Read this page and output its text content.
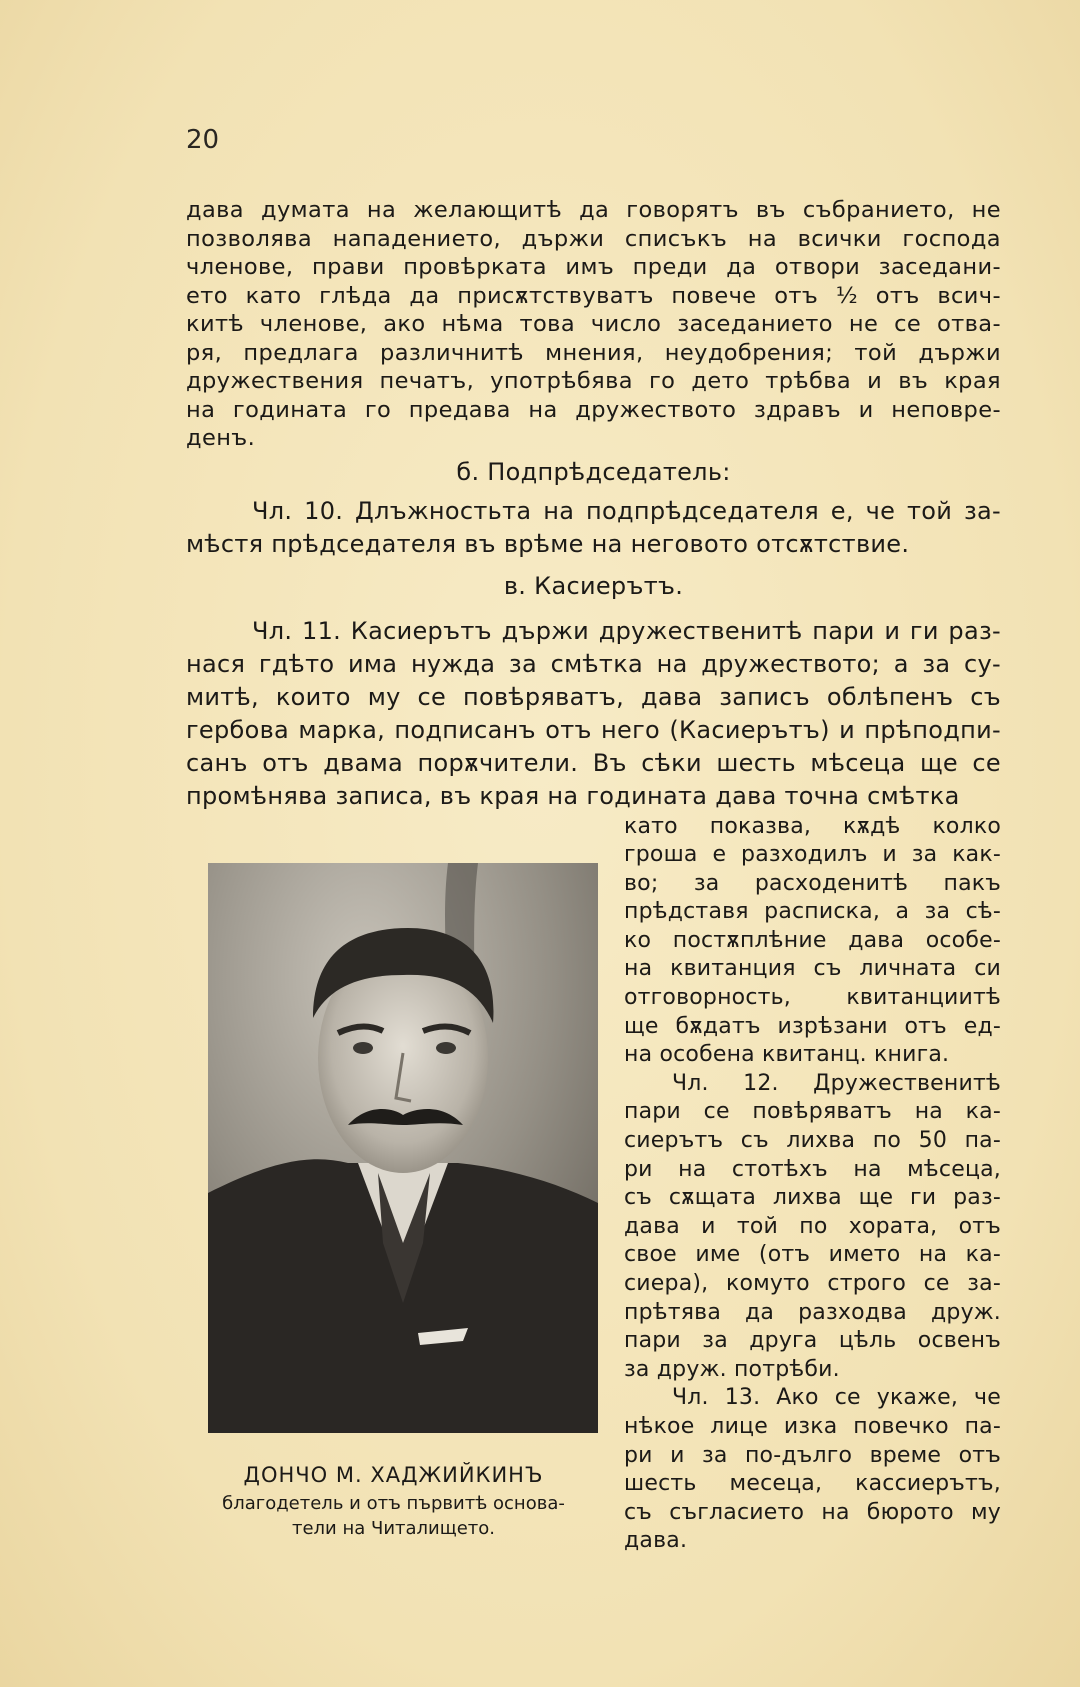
20

дава думата на желающитѣ да говорятъ въ събранието, не

позволява нападението, държи списъкъ на всички господа

членове, прави провѣрката имъ преди да отвори заседани-

ето като глѣда да присѫтствуватъ повече отъ ½ отъ всич-

китѣ членове, ако нѣма това число заседанието не се отва-

ря, предлага различнитѣ мнения, неудобрения; той държи

дружествения печатъ, употрѣбява го дето трѣбва и въ края

на годината го предава на дружеството здравъ и неповре-

денъ.

б. Подпрѣдседатель:

Чл. 10. Длъжностьта на подпрѣдседателя е, че той за-мѣстя прѣдседателя въ врѣме на неговото отсѫтствие.

в. Касиерътъ.

Чл. 11. Касиерътъ държи дружественитѣ пари и ги раз-нася гдѣто има нужда за смѣтка на дружеството; а за су-митѣ, които му се повѣряватъ, дава записъ облѣпенъ съ гербова марка, подписанъ отъ него (Касиерътъ) и прѣподпи-санъ отъ двама порѫчители. Въ сѣки шесть мѣсеца ще се промѣнява записа, въ края на годината дава точна смѣтка

ДОНЧО М. ХАДЖИЙКИНЪ
благодетель и отъ първитѣ основа-
тели на Читалището.

като показва, кѫдѣ колко

гроша е разходилъ и за как-

во; за расходенитѣ пакъ

прѣдставя расписка, а за сѣ-

ко постѫплѣние дава особе-

на квитанция съ личната си

отговорность, квитанциитѣ

ще бѫдатъ изрѣзани отъ ед-

на особена квитанц. книга.

Чл. 12. Дружественитѣ

пари се повѣряватъ на ка-

сиерътъ съ лихва по 50 па-

ри на стотѣхъ на мѣсеца,

съ сѫщата лихва ще ги раз-

дава и той по хората, отъ

свое име (отъ името на ка-

сиера), комуто строго се за-

прѣтява да разходва друж.

пари за друга цѣль освенъ

за друж. потрѣби.

Чл. 13. Ако се укаже, че

нѣкое лице изка повечко па-

ри и за по-дълго време отъ

шесть месеца, кассиерътъ,

съ съгласието на бюрото му

дава.
